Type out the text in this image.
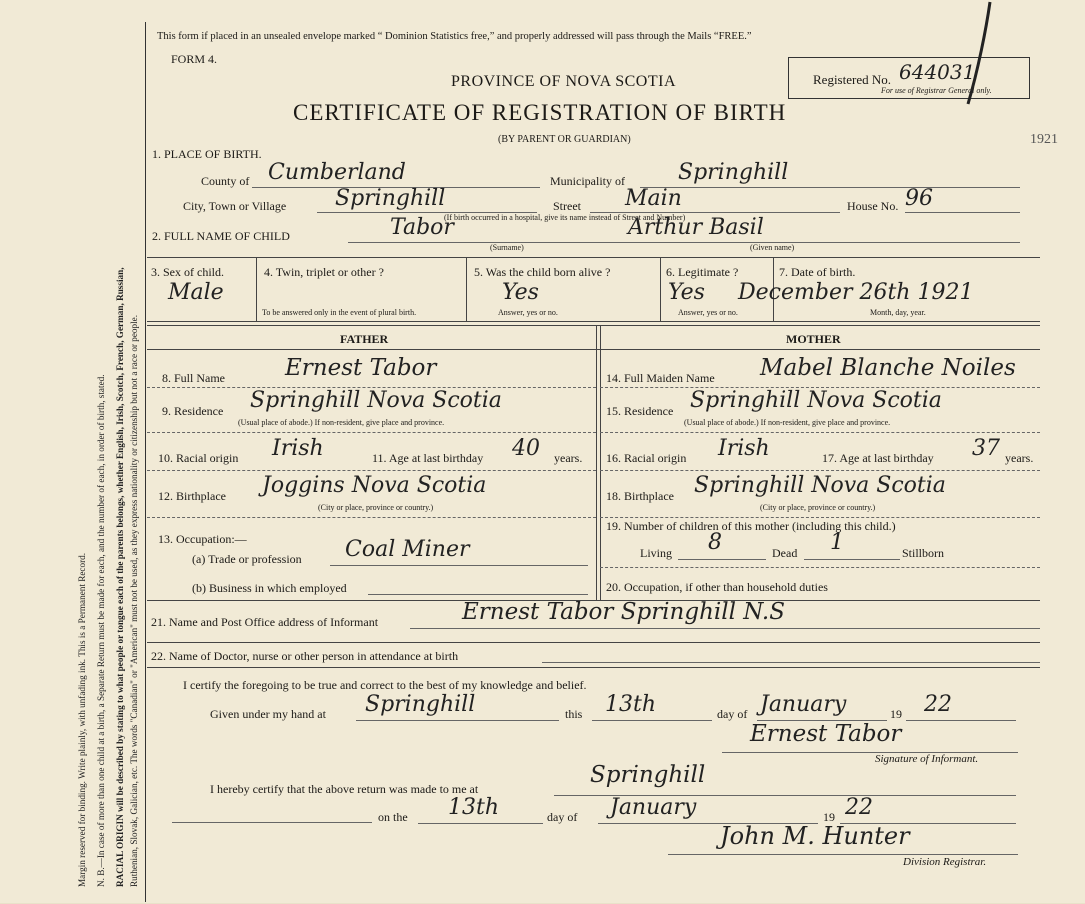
Margin reserved for binding. Write plainly, with unfading ink. This is a Permanent Record. N. B.—In case of more than one child at a birth, a Separate Return must be made for each, and the number of each, in order of birth, stated. RACIAL ORIGIN will be described by stating to what people or tongue each of the parents belongs, whether English, Irish, Scotch, French, German, Russian, Ruthenian, Slovak, Galician, etc. The words "Canadian" or "American" must not be used, as they express nationality or citizenship but not a race or people.
This form if placed in an unsealed envelope marked “ Dominion Statistics free,” and properly addressed will pass through the Mails “FREE.”
FORM 4.
PROVINCE OF NOVA SCOTIA
CERTIFICATE OF REGISTRATION OF BIRTH
(BY PARENT OR GUARDIAN)
Registered No. 644031
For use of Registrar General only.
1921
1. PLACE OF BIRTH.
County of Cumberland	Municipality of Springhill
City, Town or Village Springhill	Street Main
(If birth occurred in a hospital, give its name instead of Street and Number)
House No. 96
2. FULL NAME OF CHILD	Tabor	Arthur Basil
(Surname)	(Given name)
3. Sex of child.
Male
4. Twin, triplet or other ?
To be answered only in the event of plural birth.
5. Was the child born alive ?
Yes
Answer, yes or no.
6. Legitimate ?
Yes
Answer, yes or no.
7. Date of birth.
December 26th 1921
Month, day, year.
FATHER	MOTHER
8. Full Name	Ernest Tabor
9. Residence Springhill Nova Scotia
(Usual place of abode.) If non-resident, give place and province.
10. Racial origin Irish	11. Age at last birthday 40 years.
12. Birthplace Joggins Nova Scotia
(City or place, province or country.)
13. Occupation:—
(a) Trade or profession Coal Miner
(b) Business in which employed
14. Full Maiden Name Mabel Blanche Noiles
15. Residence Springhill Nova Scotia
(Usual place of abode.) If non-resident, give place and province.
16. Racial origin Irish	17. Age at last birthday 37 years.
18. Birthplace Springhill Nova Scotia
(City or place, province or country.)
19. Number of children of this mother (including this child.)
Living 8	Dead 1	Stillborn
20. Occupation, if other than household duties
21. Name and Post Office address of Informant	Ernest Tabor Springhill N.S
22. Name of Doctor, nurse or other person in attendance at birth
I certify the foregoing to be true and correct to the best of my knowledge and belief.
Given under my hand at Springhill	this 13th	day of January	19 22
Ernest Tabor
Signature of Informant.
I hereby certify that the above return was made to me at
Springhill
on the 13th	day of January	19 22
John M. Hunter
Division Registrar.
